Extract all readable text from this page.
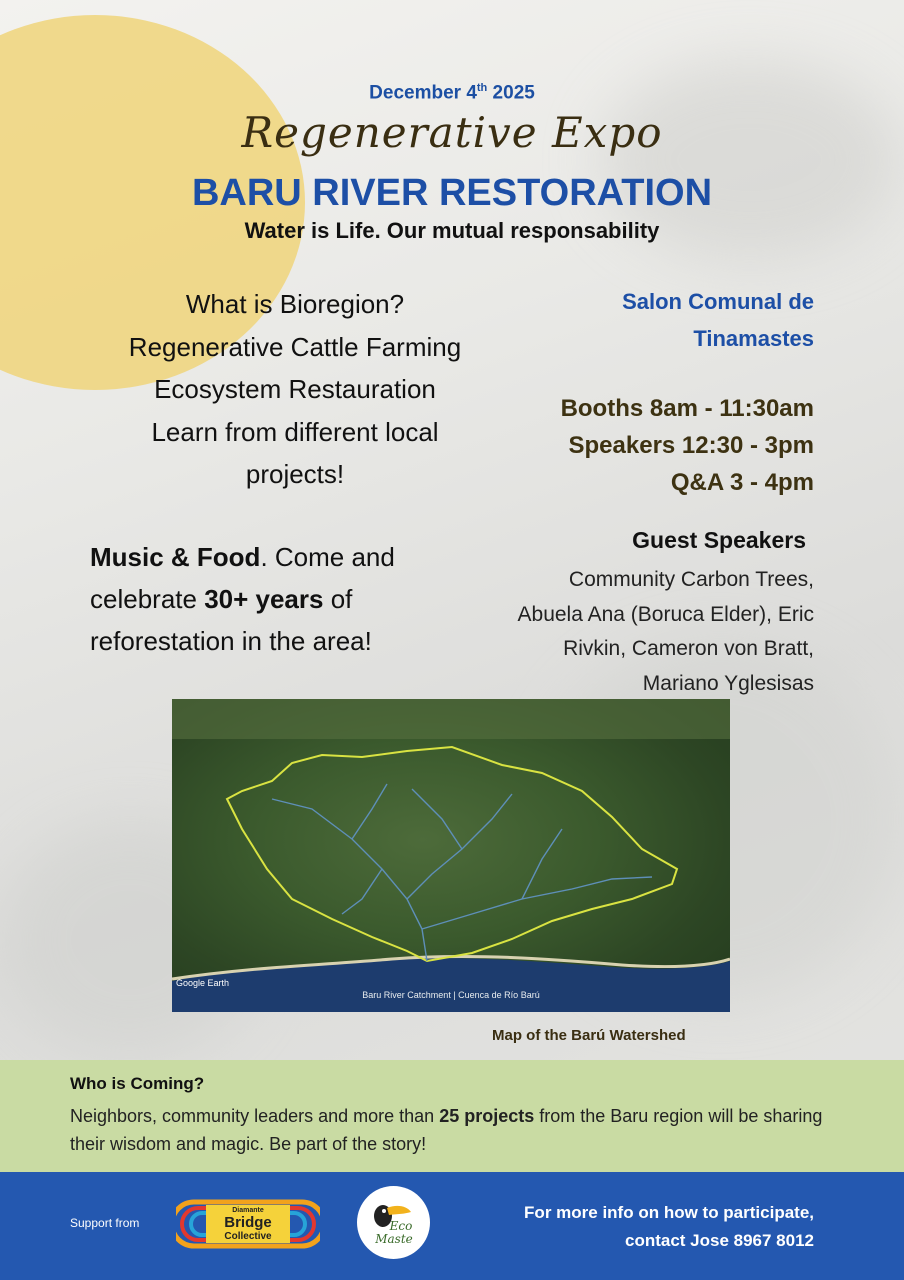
December 4th 2025
Regenerative Expo
BARU RIVER RESTORATION
Water is Life. Our mutual responsability
What is Bioregion?
Regenerative Cattle Farming
Ecosystem Restauration
Learn from different local
projects!
Salon Comunal de
Tinamastes
Booths 8am - 11:30am
Speakers 12:30 - 3pm
Q&A 3 - 4pm
Music & Food. Come and celebrate 30+ years of reforestation in the area!
Guest Speakers
Community Carbon Trees,
Abuela Ana (Boruca Elder), Eric
Rivkin, Cameron von Bratt,
Mariano Yglesisas
Google Earth
Baru River Catchment | Cuenca de Río Barú
Map of the Barú Watershed
Who is Coming?
Neighbors, community leaders and more than 25 projects from the Baru region will be sharing their wisdom and magic. Be part of the story!
Support from
Diamante
Bridge
Collective
Eco
Maste
For more info on how to participate,
contact Jose 8967 8012
